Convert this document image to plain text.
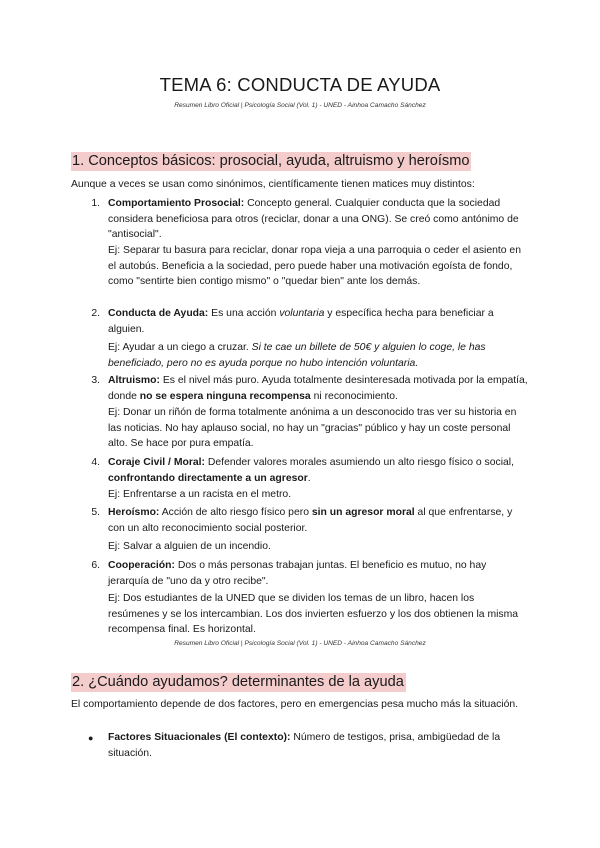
TEMA 6: CONDUCTA DE AYUDA
Resumen Libro Oficial | Psicología Social (Vol. 1) - UNED - Ainhoa Camacho Sánchez
1. Conceptos básicos: prosocial, ayuda, altruismo y heroísmo
Aunque a veces se usan como sinónimos, científicamente tienen matices muy distintos:
1. Comportamiento Prosocial: Concepto general. Cualquier conducta que la sociedad considera beneficiosa para otros (reciclar, donar a una ONG). Se creó como antónimo de "antisocial".
Ej: Separar tu basura para reciclar, donar ropa vieja a una parroquia o ceder el asiento en el autobús. Beneficia a la sociedad, pero puede haber una motivación egoísta de fondo, como "sentirte bien contigo mismo" o "quedar bien" ante los demás.
2. Conducta de Ayuda: Es una acción voluntaria y específica hecha para beneficiar a alguien.
Ej: Ayudar a un ciego a cruzar. Si te cae un billete de 50€ y alguien lo coge, le has beneficiado, pero no es ayuda porque no hubo intención voluntaria.
3. Altruismo: Es el nivel más puro. Ayuda totalmente desinteresada motivada por la empatía, donde no se espera ninguna recompensa ni reconocimiento.
Ej: Donar un riñón de forma totalmente anónima a un desconocido tras ver su historia en las noticias. No hay aplauso social, no hay un "gracias" público y hay un coste personal alto. Se hace por pura empatía.
4. Coraje Civil / Moral: Defender valores morales asumiendo un alto riesgo físico o social, confrontando directamente a un agresor.
Ej: Enfrentarse a un racista en el metro.
5. Heroísmo: Acción de alto riesgo físico pero sin un agresor moral al que enfrentarse, y con un alto reconocimiento social posterior.
Ej: Salvar a alguien de un incendio.
6. Cooperación: Dos o más personas trabajan juntas. El beneficio es mutuo, no hay jerarquía de "uno da y otro recibe".
Ej: Dos estudiantes de la UNED que se dividen los temas de un libro, hacen los resúmenes y se los intercambian. Los dos invierten esfuerzo y los dos obtienen la misma recompensa final. Es horizontal.
Resumen Libro Oficial | Psicología Social (Vol. 1) - UNED - Ainhoa Camacho Sánchez
2. ¿Cuándo ayudamos? determinantes de la ayuda
El comportamiento depende de dos factores, pero en emergencias pesa mucho más la situación.
● Factores Situacionales (El contexto): Número de testigos, prisa, ambigüedad de la situación.
